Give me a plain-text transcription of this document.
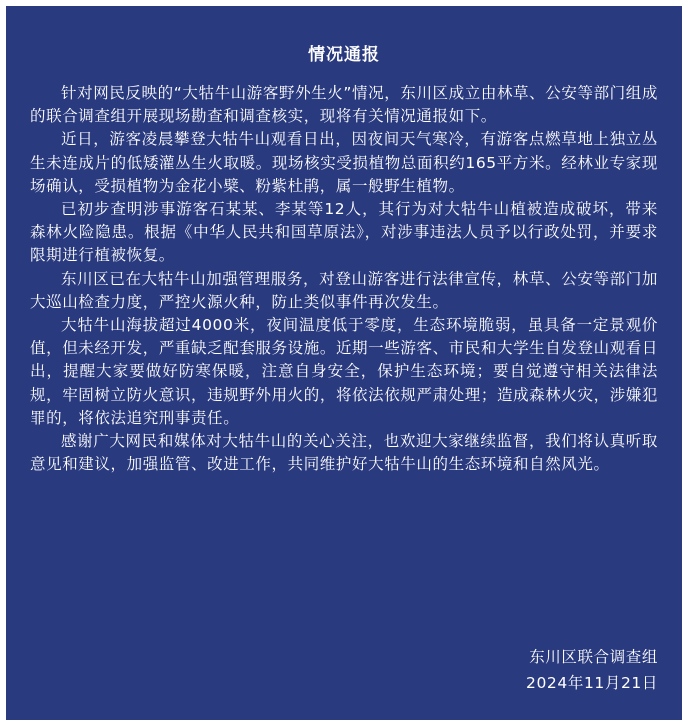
情况通报

针对网民反映的“大牯牛山游客野外生火”情况，东川区成立由林草、公安等部门组成的联合调查组开展现场勘查和调查核实，现将有关情况通报如下。

近日，游客凌晨攀登大牯牛山观看日出，因夜间天气寒冷，有游客点燃草地上独立丛生未连成片的低矮灌丛生火取暖。现场核实受损植物总面积约165平方米。经林业专家现场确认，受损植物为金花小檗、粉紫杜鹃，属一般野生植物。

已初步查明涉事游客石某某、李某等12人，其行为对大牯牛山植被造成破坏，带来森林火险隐患。根据《中华人民共和国草原法》，对涉事违法人员予以行政处罚，并要求限期进行植被恢复。

东川区已在大牯牛山加强管理服务，对登山游客进行法律宣传，林草、公安等部门加大巡山检查力度，严控火源火种，防止类似事件再次发生。

大牯牛山海拔超过4000米，夜间温度低于零度，生态环境脆弱，虽具备一定景观价值，但未经开发，严重缺乏配套服务设施。近期一些游客、市民和大学生自发登山观看日出，提醒大家要做好防寒保暖，注意自身安全，保护生态环境；要自觉遵守相关法律法规，牢固树立防火意识，违规野外用火的，将依法依规严肃处理；造成森林火灾，涉嫌犯罪的，将依法追究刑事责任。

感谢广大网民和媒体对大牯牛山的关心关注，也欢迎大家继续监督，我们将认真听取意见和建议，加强监管、改进工作，共同维护好大牯牛山的生态环境和自然风光。

东川区联合调查组
2024年11月21日
